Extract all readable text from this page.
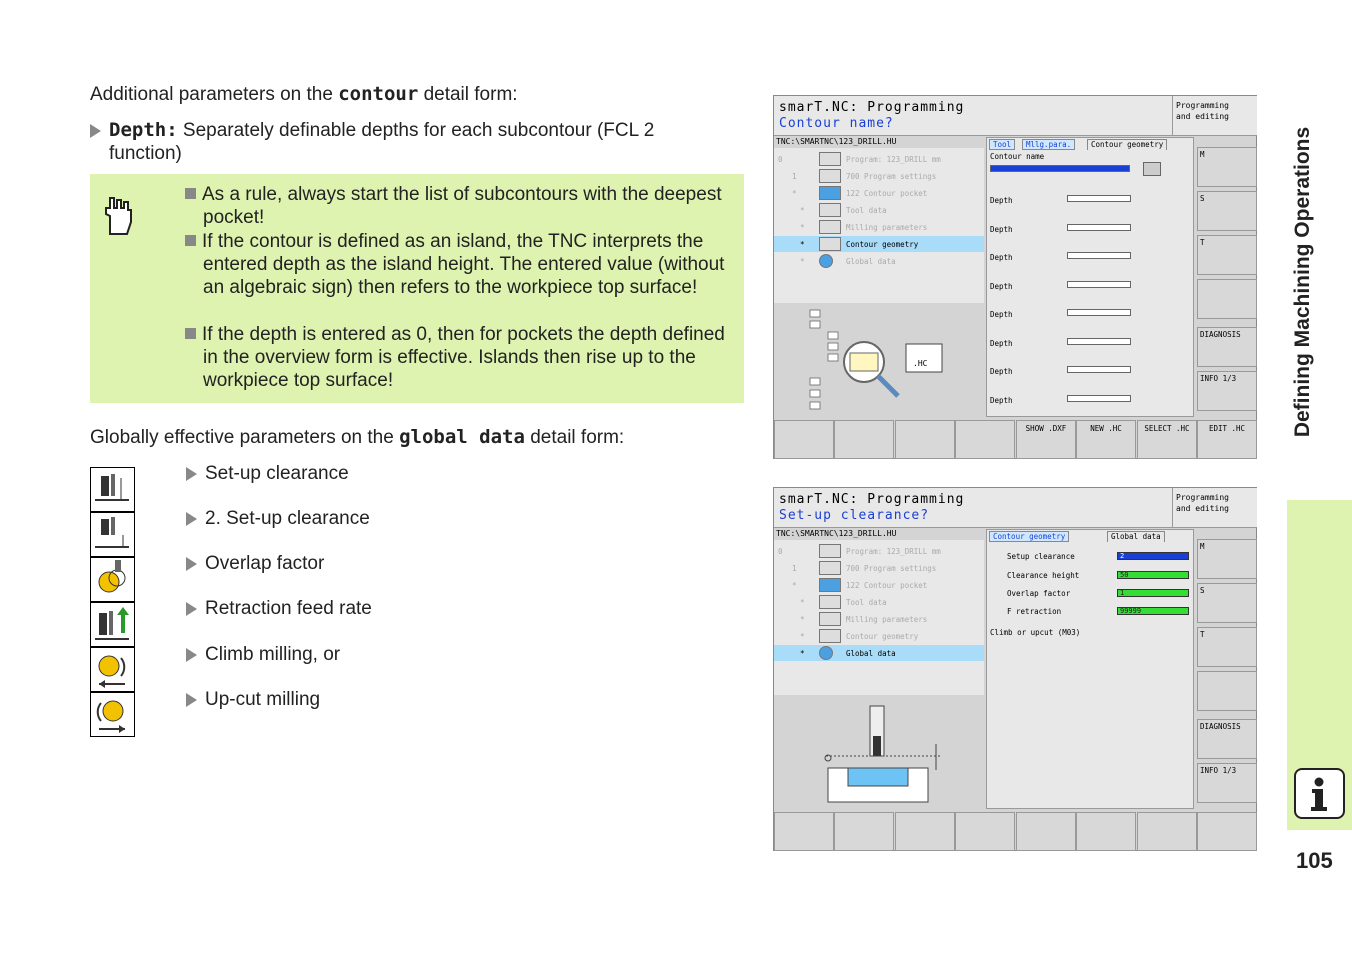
Additional parameters on the contour detail form:
Depth: Separately definable depths for each subcontour (FCL 2 function)
As a rule, always start the list of subcontours with the deepest pocket!
If the contour is defined as an island, the TNC interprets the entered depth as the island height. The entered value (without an algebraic sign) then refers to the workpiece top surface!
If the depth is entered as 0, then for pockets the depth defined in the overview form is effective. Islands then rise up to the workpiece top surface!
Globally effective parameters on the global data detail form:
Set-up clearance
2. Set-up clearance
Overlap factor
Retraction feed rate
Climb milling, or
Up-cut milling
smarT.NC: Programming
Contour name?
Programming
and editing
TNC:\SMARTNC\123_DRILL.HU
0	Program: 123_DRILL mm
1	700 Program settings
*	122 Contour pocket
*	Tool data
*	Milling parameters
*	Contour geometry
*	Global data
.HC
Tool	Mllg.para.	Contour geometry
Contour name
Depth
Depth
Depth
Depth
Depth
Depth
Depth
Depth
M
S
T
DIAGNOSIS
INFO 1/3
SHOW .DXF	NEW .HC	SELECT .HC	EDIT .HC
smarT.NC: Programming
Set-up clearance?
Programming
and editing
TNC:\SMARTNC\123_DRILL.HU
0	Program: 123_DRILL mm
1	700 Program settings
*	122 Contour pocket
*	Tool data
*	Milling parameters
*	Contour geometry
*	Global data
Contour geometry	Global data
Setup clearance	2
Clearance height	50
Overlap factor	1
F retraction	99999
Climb or upcut (M03)
M
S
T
DIAGNOSIS
INFO 1/3
Defining Machining Operations
105
